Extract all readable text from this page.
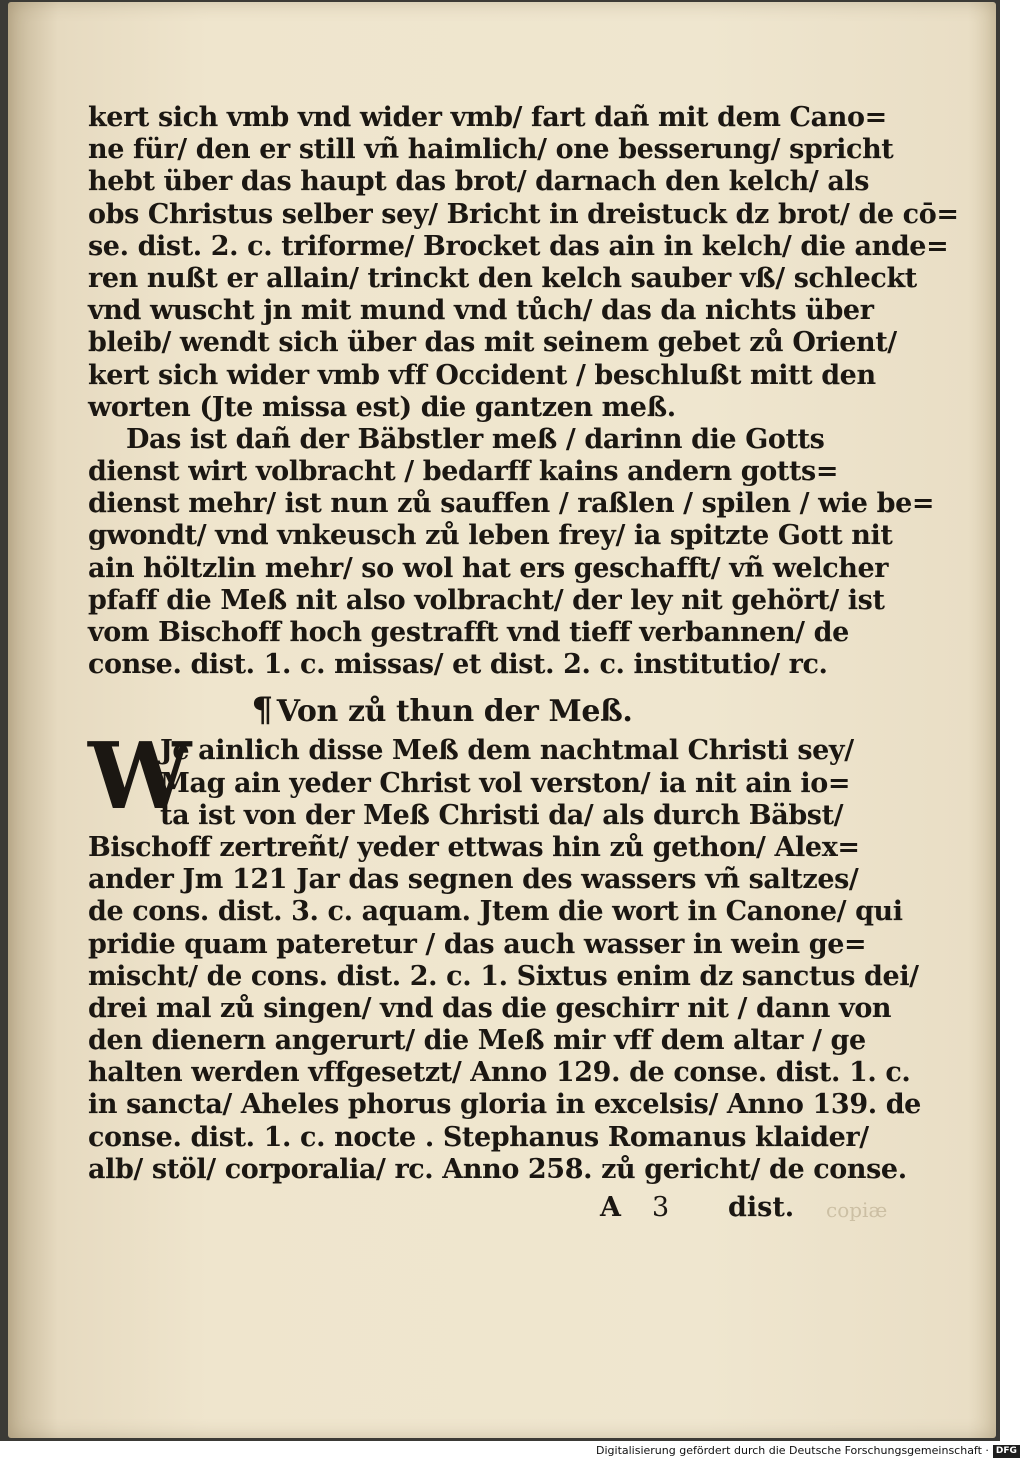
kert sich vmb vnd wider vmb/ fart dañ mit dem Cano=
ne für/ den er still vñ haimlich/ one besserung/ spricht
hebt über das haupt das brot/ darnach den kelch/ als
obs Christus selber sey/ Bricht in dreistuck dz brot/ de cō=
se. dist. 2. c. triforme/ Brocket das ain in kelch/ die ande=
ren nußt er allain/ trinckt den kelch sauber vß/ schleckt
vnd wuscht jn mit mund vnd tůch/ das da nichts über
bleib/ wendt sich über das mit seinem gebet zů Orient/
kert sich wider vmb vff Occident / beschlußt mitt den
worten (Jte missa est) die gantzen meß.
Das ist dañ der Bäbstler meß / darinn die Gotts
dienst wirt volbracht / bedarff kains andern gotts=
dienst mehr/ ist nun zů sauffen / raßlen / spilen / wie be=
gwondt/ vnd vnkeusch zů leben frey/ ia spitzte Gott nit
ain höltzlin mehr/ so wol hat ers geschafft/ vñ welcher
pfaff die Meß nit also volbracht/ der ley nit gehört/ ist
vom Bischoff hoch gestrafft vnd tieff verbannen/ de
conse. dist. 1. c. missas/ et dist. 2. c. institutio/ rc.
¶ Von zů thun der Meß.
W
Je ainlich disse Meß dem nachtmal Christi sey/
Mag ain yeder Christ vol verston/ ia nit ain io=
ta ist von der Meß Christi da/ als durch Bäbst/
Bischoff zertreñt/ yeder ettwas hin zů gethon/ Alex=
ander Jm 121 Jar das segnen des wassers vñ saltzes/
de cons. dist. 3. c. aquam. Jtem die wort in Canone/ qui
pridie quam pateretur / das auch wasser in wein ge=
mischt/ de cons. dist. 2. c. 1. Sixtus enim dz sanctus dei/
drei mal zů singen/ vnd das die geschirr nit / dann von
den dienern angerurt/ die Meß mir vff dem altar / ge
halten werden vffgesetzt/ Anno 129. de conse. dist. 1. c.
in sancta/ Aheles phorus gloria in excelsis/ Anno 139. de
conse. dist. 1. c. nocte . Stephanus Romanus klaider/
alb/ stöl/ corporalia/ rc. Anno 258. zů gericht/ de conse.
A 3 dist. copiæ
Digitalisierung gefördert durch die Deutsche Forschungsgemeinschaft · DFG
